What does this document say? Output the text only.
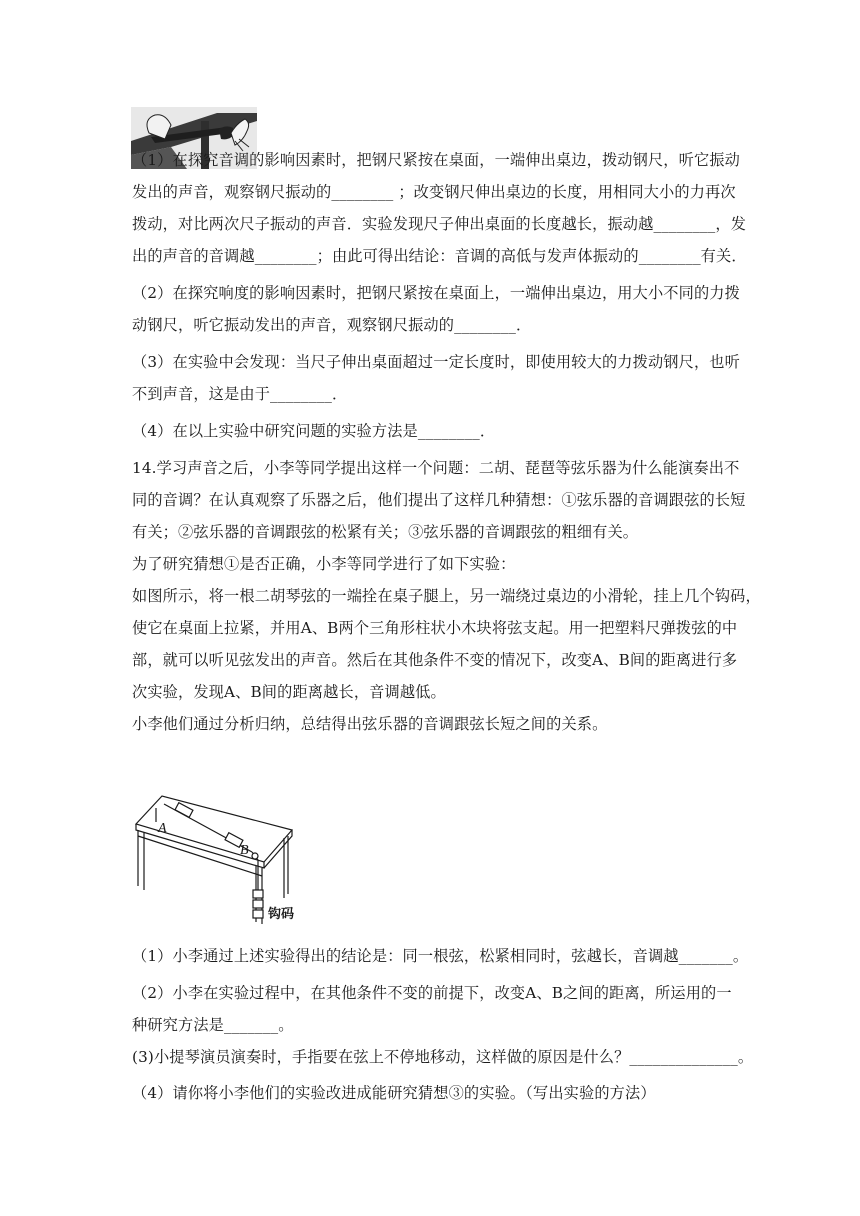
（1）在探究音调的影响因素时，把钢尺紧按在桌面，一端伸出桌边，拨动钢尺，听它振动
发出的声音，观察钢尺振动的________ ；改变钢尺伸出桌边的长度，用相同大小的力再次
拨动，对比两次尺子振动的声音．实验发现尺子伸出桌面的长度越长，振动越________，发
出的声音的音调越________；由此可得出结论：音调的高低与发声体振动的________有关．
（2）在探究响度的影响因素时，把钢尺紧按在桌面上，一端伸出桌边，用大小不同的力拨
动钢尺，听它振动发出的声音，观察钢尺振动的________．
（3）在实验中会发现：当尺子伸出桌面超过一定长度时，即使用较大的力拨动钢尺，也听
不到声音，这是由于________．
（4）在以上实验中研究问题的实验方法是________．
14.学习声音之后，小李等同学提出这样一个问题：二胡、琵琶等弦乐器为什么能演奏出不
同的音调？在认真观察了乐器之后，他们提出了这样几种猜想：①弦乐器的音调跟弦的长短
有关；②弦乐器的音调跟弦的松紧有关；③弦乐器的音调跟弦的粗细有关。
为了研究猜想①是否正确，小李等同学进行了如下实验：
如图所示，将一根二胡琴弦的一端拴在桌子腿上，另一端绕过桌边的小滑轮，挂上几个钩码，
使它在桌面上拉紧，并用A、B两个三角形柱状小木块将弦支起。用一把塑料尺弹拨弦的中
部，就可以听见弦发出的声音。然后在其他条件不变的情况下，改变A、B间的距离进行多
次实验，发现A、B间的距离越长，音调越低。
小李他们通过分析归纳，总结得出弦乐器的音调跟弦长短之间的关系。
A
B
钩码
（1）小李通过上述实验得出的结论是：同一根弦，松紧相同时，弦越长，音调越_______。
（2）小李在实验过程中，在其他条件不变的前提下，改变A、B之间的距离，所运用的一
种研究方法是_______。
(3)小提琴演员演奏时，手指要在弦上不停地移动，这样做的原因是什么？______________。
（4）请你将小李他们的实验改进成能研究猜想③的实验。（写出实验的方法）
